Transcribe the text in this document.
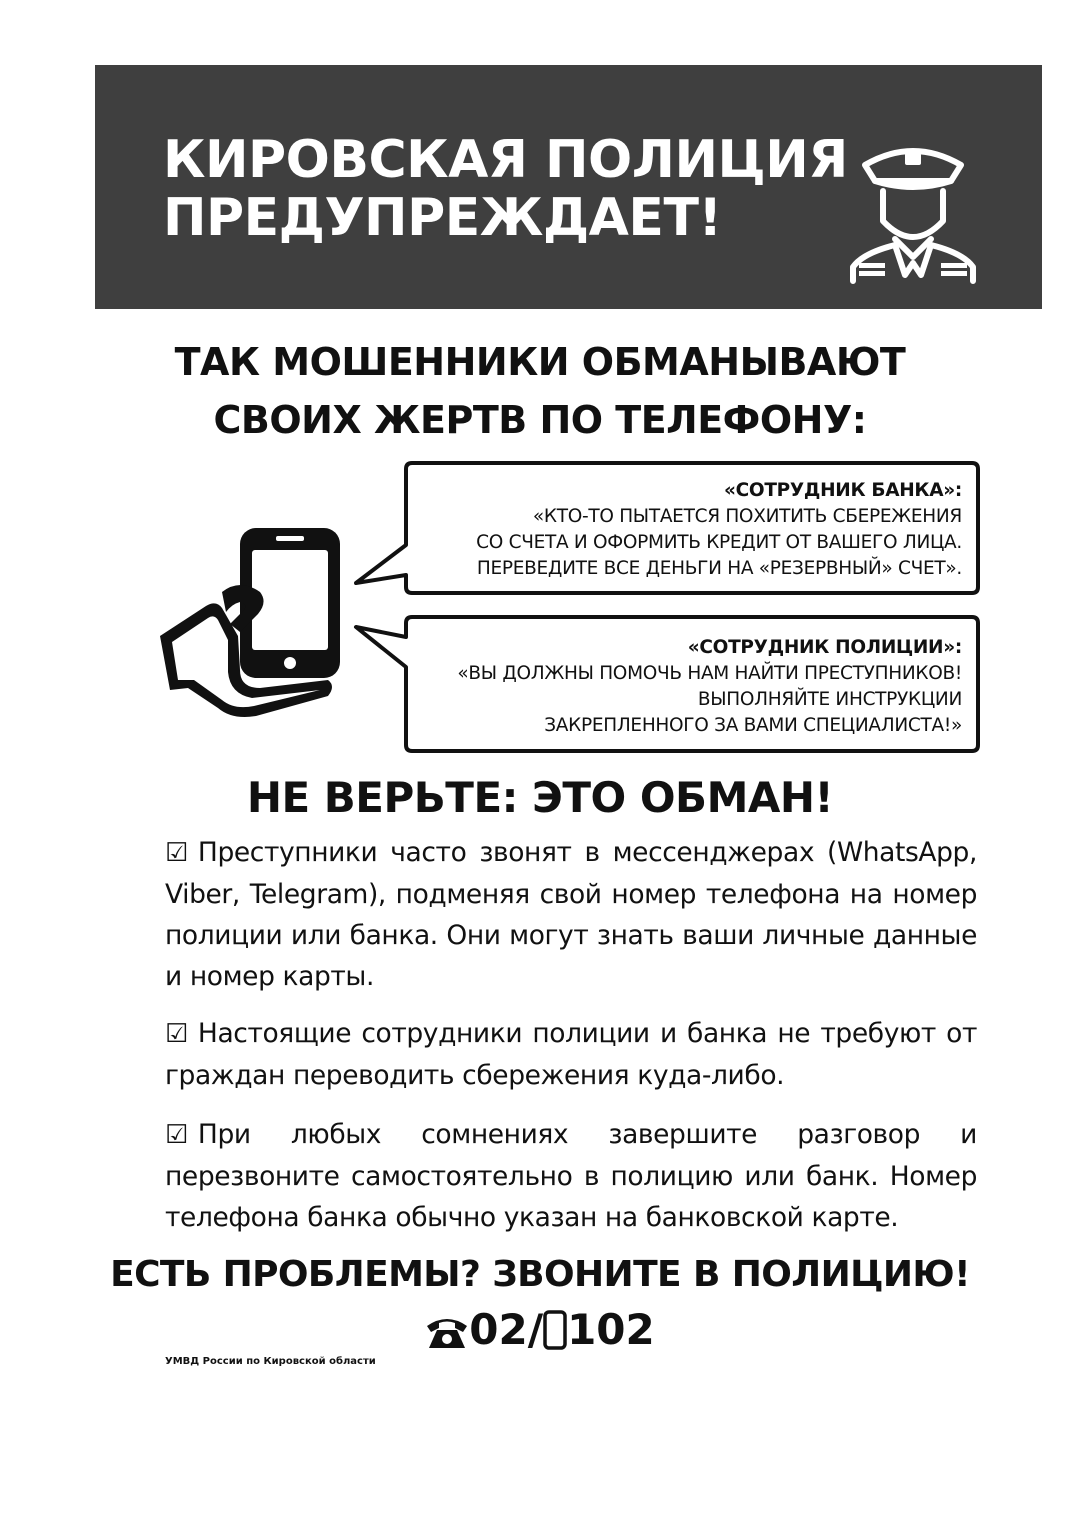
КИРОВСКАЯ ПОЛИЦИЯ
ПРЕДУПРЕЖДАЕТ!
ТАК МОШЕННИКИ ОБМАНЫВАЮТ
СВОИХ ЖЕРТВ ПО ТЕЛЕФОНУ:
«СОТРУДНИК БАНКА»:
«КТО-ТО ПЫТАЕТСЯ ПОХИТИТЬ СБЕРЕЖЕНИЯ
СО СЧЕТА И ОФОРМИТЬ КРЕДИТ ОТ ВАШЕГО ЛИЦА.
ПЕРЕВЕДИТЕ ВСЕ ДЕНЬГИ НА «РЕЗЕРВНЫЙ» СЧЕТ».
«СОТРУДНИК ПОЛИЦИИ»:
«ВЫ ДОЛЖНЫ ПОМОЧЬ НАМ НАЙТИ ПРЕСТУПНИКОВ!
ВЫПОЛНЯЙТЕ ИНСТРУКЦИИ
ЗАКРЕПЛЕННОГО ЗА ВАМИ СПЕЦИАЛИСТА!»
НЕ ВЕРЬТЕ: ЭТО ОБМАН!

☑ Преступники часто звонят в мессенджерах (WhatsApp, Viber, Telegram), подменяя свой номер телефона на номер полиции или банка. Они могут знать ваши личные данные и номер карты.

☑ Настоящие сотрудники полиции и банка не требуют от граждан переводить сбережения куда-либо.

☑ При любых сомнениях завершите разговор и перезвоните самостоятельно в полицию или банк. Номер телефона банка обычно указан на банковской карте.

ЕСТЬ ПРОБЛЕМЫ? ЗВОНИТЕ В ПОЛИЦИЮ!
02/ 102
УМВД России по Кировской области
